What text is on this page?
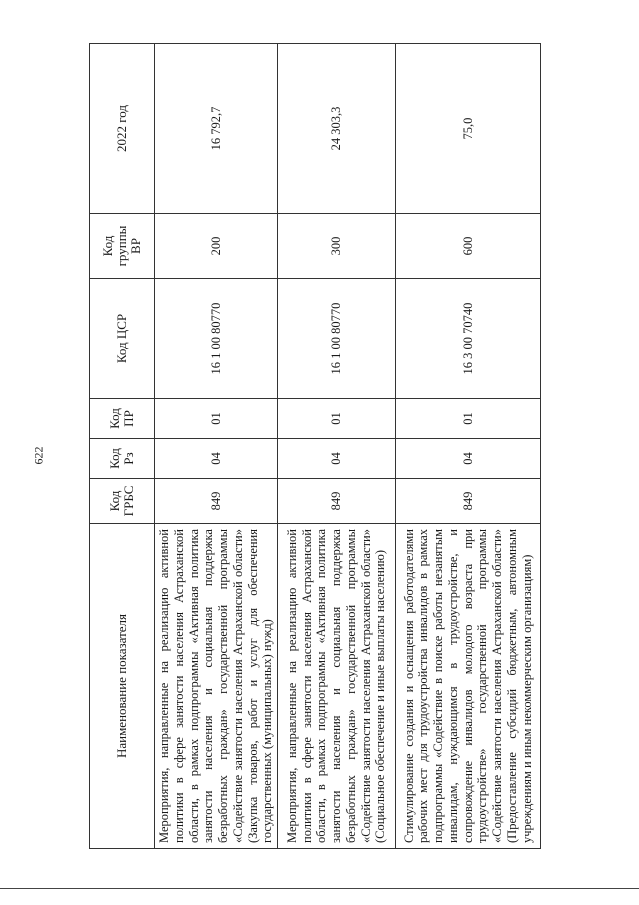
622
Наименование показателя	Код ГРБС	Код Рз	Код ПР	Код ЦСР	Код группы ВР	2022 год
Мероприятия, направленные на реализацию активной политики в сфере занятости населения Астраханской области, в рамках подпрограммы «Активная политика занятости населения и социальная поддержка безработных граждан» государственной программы «Содействие занятости населения Астраханской области» (Закупка товаров, работ и услуг для обеспечения государственных (муниципальных) нужд)	849	04	01	16 1 00 80770	200	16 792,7
Мероприятия, направленные на реализацию активной политики в сфере занятости населения Астраханской области, в рамках подпрограммы «Активная политика занятости населения и социальная поддержка безработных граждан» государственной программы «Содействие занятости населения Астраханской области» (Социальное обеспечение и иные выплаты населению)	849	04	01	16 1 00 80770	300	24 303,3
Стимулирование создания и оснащения работодателями рабочих мест для трудоустройства инвалидов в рамках подпрограммы «Содействие в поиске работы незанятым инвалидам, нуждающимся в трудоустройстве, и сопровождение инвалидов молодого возраста при трудоустройстве» государственной программы «Содействие занятости населения Астраханской области» (Предоставление субсидий бюджетным, автономным учреждениям и иным некоммерческим организациям)	849	04	01	16 3 00 70740	600	75,0
